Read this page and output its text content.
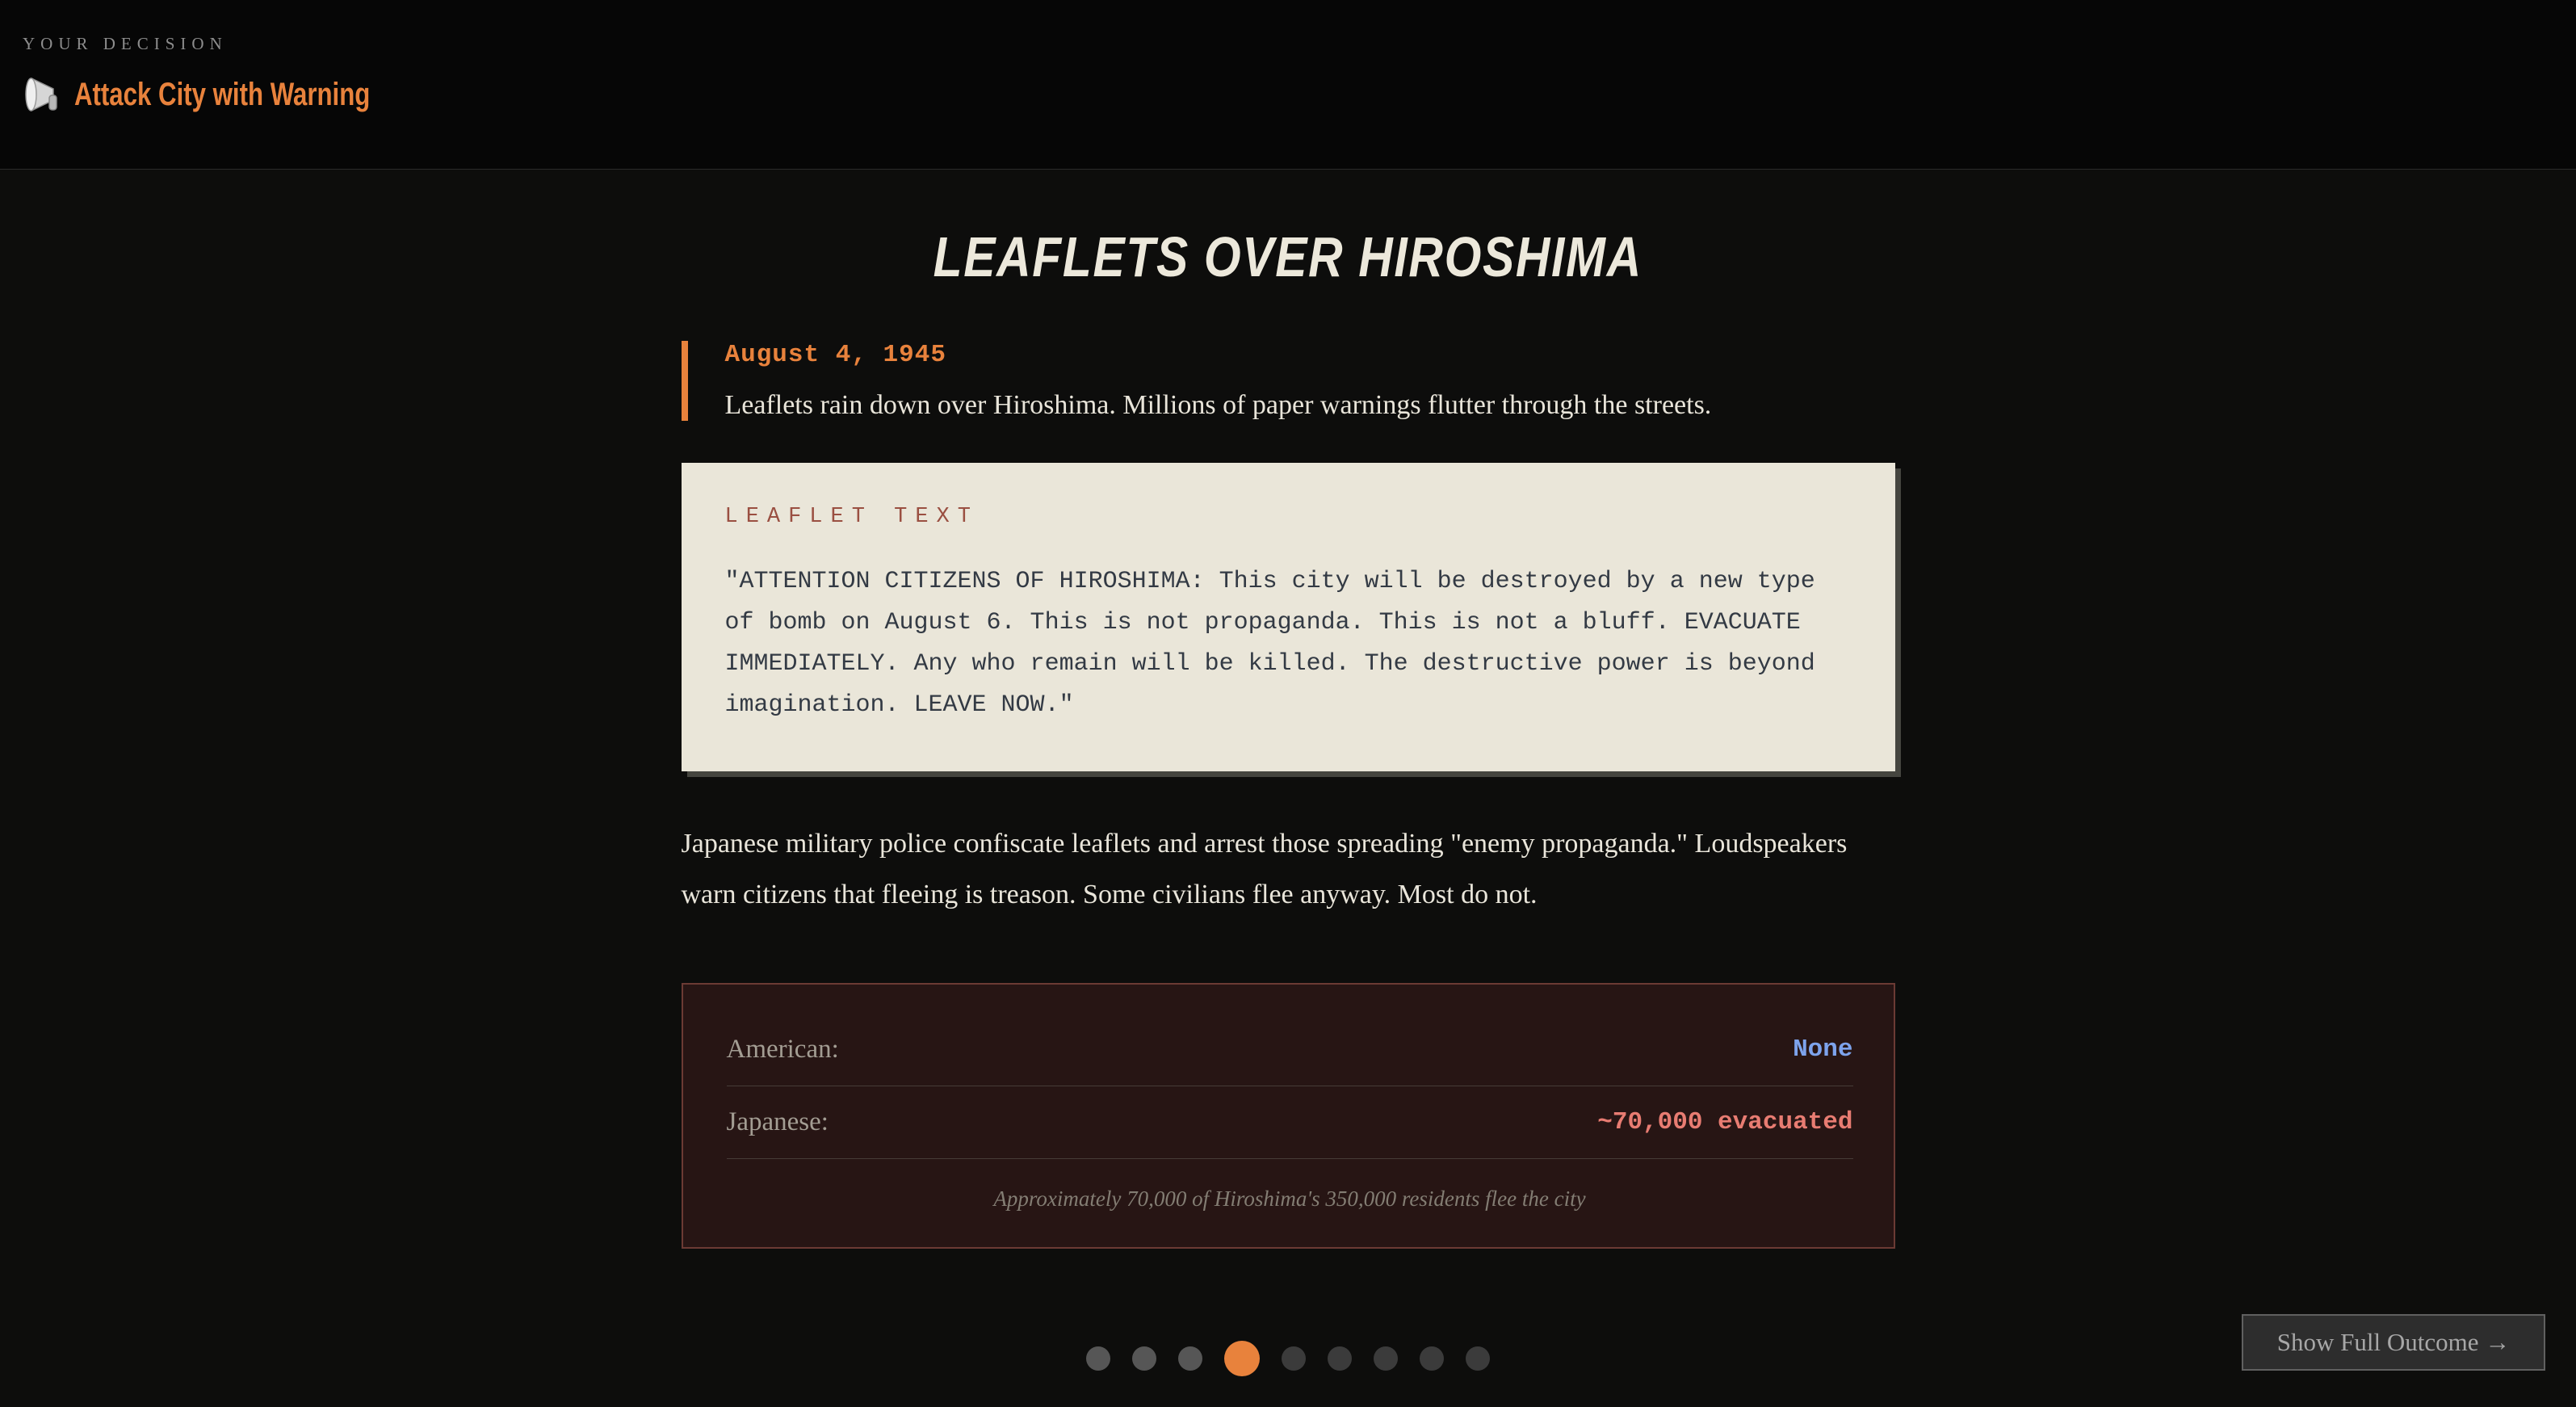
YOUR DECISION
Attack City with Warning
LEAFLETS OVER HIROSHIMA
August 4, 1945
Leaflets rain down over Hiroshima. Millions of paper warnings flutter through the streets.
LEAFLET TEXT
"ATTENTION CITIZENS OF HIROSHIMA: This city will be destroyed by a new type of bomb on August 6. This is not propaganda. This is not a bluff. EVACUATE IMMEDIATELY. Any who remain will be killed. The destructive power is beyond imagination. LEAVE NOW."
Japanese military police confiscate leaflets and arrest those spreading "enemy propaganda." Loudspeakers warn citizens that fleeing is treason. Some civilians flee anyway. Most do not.
American:	None
Japanese:	~70,000 evacuated
Approximately 70,000 of Hiroshima's 350,000 residents flee the city
Show Full Outcome →
